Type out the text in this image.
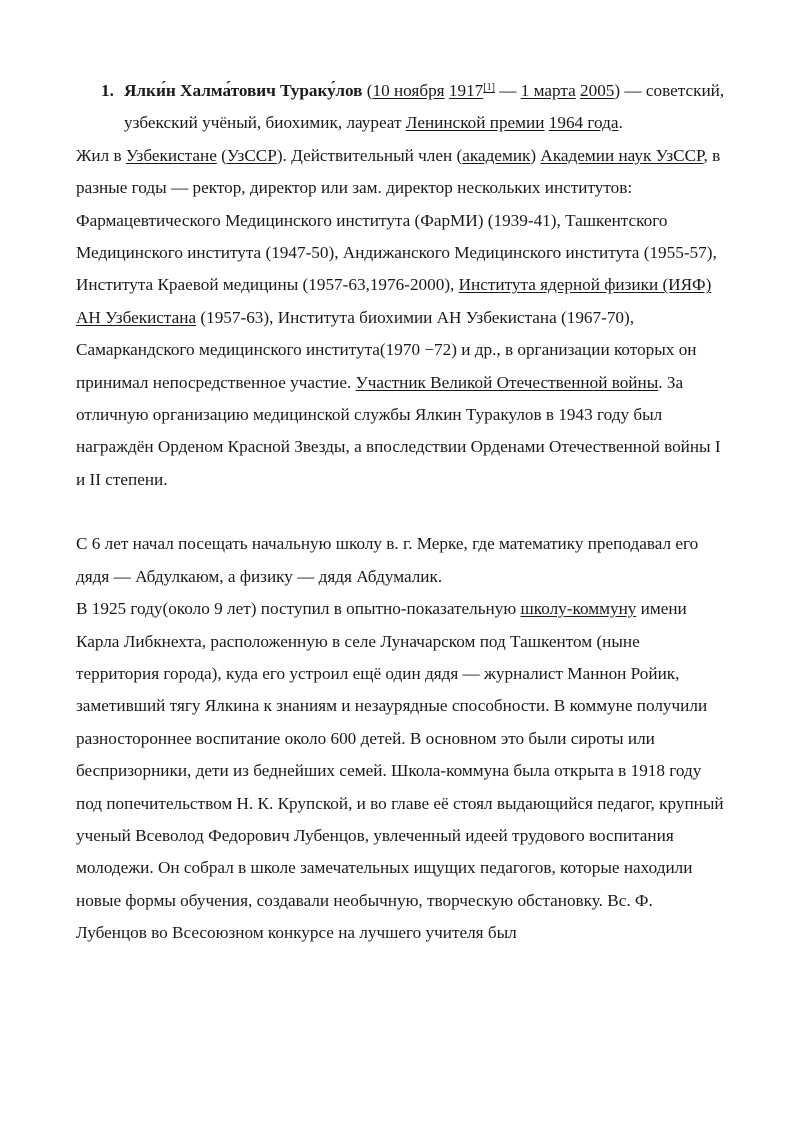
1. Ялки́н Халма́тович Турaку́лов (10 ноября 1917[1] — 1 марта 2005) — советский, узбекский учёный, биохимик, лауреат Ленинской премии 1964 года.

Жил в Узбекистане (УзССР). Действительный член (академик) Академии наук УзССР, в разные годы — ректор, директор или зам. директор нескольких институтов: Фармацевтического Медицинского института (ФарМИ) (1939-41), Ташкентского Медицинского института (1947-50), Андижанского Медицинского института (1955-57), Института Краевой медицины (1957-63,1976-2000), Института ядерной физики (ИЯФ) АН Узбекистана (1957-63), Института биохимии АН Узбекистана (1967-70), Самаркандского медицинского института(1970 −72) и др., в организации которых он принимал непосредственное участие. Участник Великой Отечественной войны. За отличную организацию медицинской службы Ялкин Туракулов в 1943 году был награждён Орденом Красной Звезды, а впоследствии Орденами Отечественной войны I и II степени.

С 6 лет начал посещать начальную школу в. г. Мерке, где математику преподавал его дядя — Абдулкаюм, а физику — дядя Абдумалик.

В 1925 году(около 9 лет) поступил в опытно-показательную школу-коммуну имени Карла Либкнехта, расположенную в селе Луначарском под Ташкентом (ныне территория города), куда его устроил ещё один дядя — журналист Маннон Ройик, заметивший тягу Ялкина к знаниям и незаурядные способности. В коммуне получили разностороннее воспитание около 600 детей. В основном это были сироты или беспризорники, дети из беднейших семей. Школа-коммуна была открыта в 1918 году под попечительством Н. К. Крупской, и во главе её стоял выдающийся педагог, крупный ученый Всеволод Федорович Лубенцов, увлеченный идеей трудового воспитания молодежи. Он собрал в школе замечательных ищущих педагогов, которые находили новые формы обучения, создавали необычную, творческую обстановку. Вс. Ф. Лубенцов во Всесоюзном конкурсе на лучшего учителя был
